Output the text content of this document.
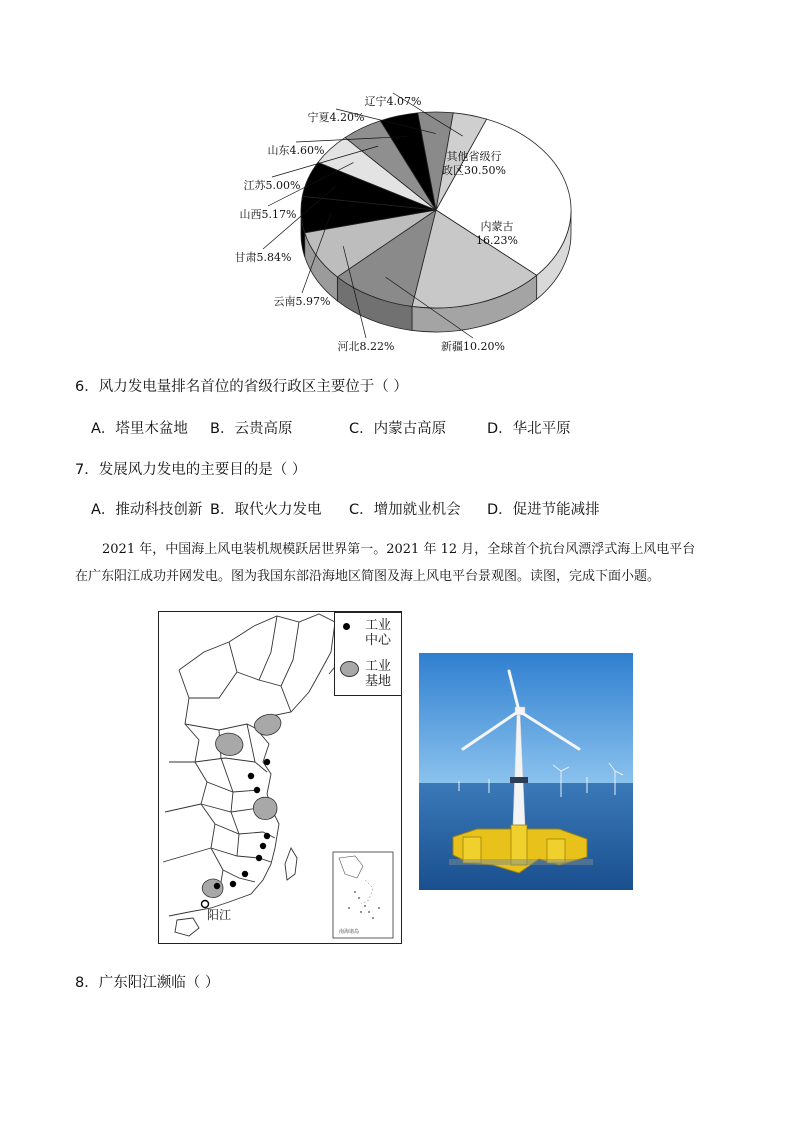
其他省级行
政区30.50%
内蒙古
16.23%
新疆10.20%
河北8.22%
云南5.97%
甘肃5.84%
山西5.17%
江苏5.00%
山东4.60%
宁夏4.20%
辽宁4.07%
6．风力发电量排名首位的省级行政区主要位于（ ）
A．塔里木盆地 B．云贵高原	C．内蒙古高原	D．华北平原
7．发展风力发电的主要目的是（ ）
A．推动科技创新 B．取代火力发电 C．增加就业机会 D．促进节能减排
2021 年，中国海上风电装机规模跃居世界第一。2021 年 12 月，全球首个抗台风漂浮式海上风电平台
在广东阳江成功并网发电。图为我国东部沿海地区简图及海上风电平台景观图。读图，完成下面小题。
工业
中心
工业
基地
阳江
南海诸岛
8．广东阳江濒临（ ）
